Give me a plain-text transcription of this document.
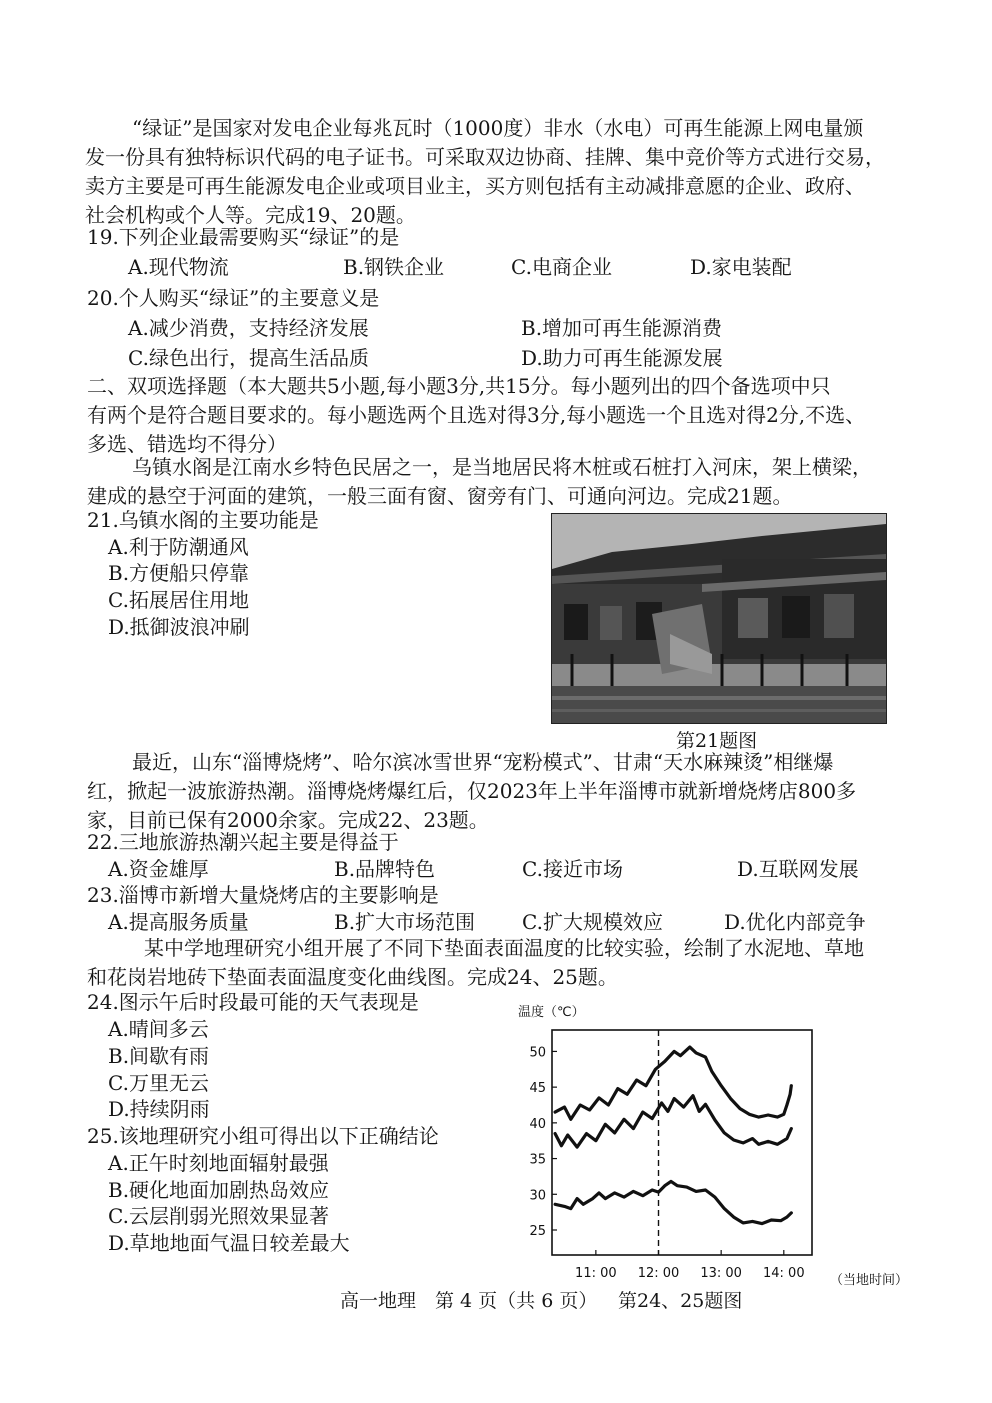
“绿证”是国家对发电企业每兆瓦时（1000度）非水（水电）可再生能源上网电量颁
发一份具有独特标识代码的电子证书。可采取双边协商、挂牌、集中竞价等方式进行交易，
卖方主要是可再生能源发电企业或项目业主，买方则包括有主动减排意愿的企业、政府、
社会机构或个人等。完成19、20题。
19.下列企业最需要购买“绿证”的是
A.现代物流	B.钢铁企业	C.电商企业	D.家电装配
20.个人购买“绿证”的主要意义是
A.减少消费，支持经济发展	B.增加可再生能源消费
C.绿色出行，提高生活品质	D.助力可再生能源发展
二、双项选择题（本大题共5小题,每小题3分,共15分。每小题列出的四个备选项中只
有两个是符合题目要求的。每小题选两个且选对得3分,每小题选一个且选对得2分,不选、
多选、错选均不得分）
乌镇水阁是江南水乡特色民居之一，是当地居民将木桩或石桩打入河床，架上横梁，
建成的悬空于河面的建筑，一般三面有窗、窗旁有门、可通向河边。完成21题。
21.乌镇水阁的主要功能是
A.利于防潮通风
B.方便船只停靠
C.拓展居住用地
D.抵御波浪冲刷
第21题图
最近，山东“淄博烧烤”、哈尔滨冰雪世界“宠粉模式”、甘肃“天水麻辣烫”相继爆
红，掀起一波旅游热潮。淄博烧烤爆红后，仅2023年上半年淄博市就新增烧烤店800多
家，目前已保有2000余家。完成22、23题。
22.三地旅游热潮兴起主要是得益于
A.资金雄厚	B.品牌特色	C.接近市场	D.互联网发展
23.淄博市新增大量烧烤店的主要影响是
A.提高服务质量	B.扩大市场范围 C.扩大规模效应	D.优化内部竞争
某中学地理研究小组开展了不同下垫面表面温度的比较实验，绘制了水泥地、草地
和花岗岩地砖下垫面表面温度变化曲线图。完成24、25题。
24.图示午后时段最可能的天气表现是
A.晴间多云
B.间歇有雨
C.万里无云
D.持续阴雨
25.该地理研究小组可得出以下正确结论
A.正午时刻地面辐射最强
B.硬化地面加剧热岛效应
C.云层削弱光照效果显著
D.草地地面气温日较差最大
温度（℃）
（当地时间）
25
30
35
40
45
50
11: 00 12: 00 13: 00 14: 00
高一地理　第 4 页（共 6 页） 第24、25题图
